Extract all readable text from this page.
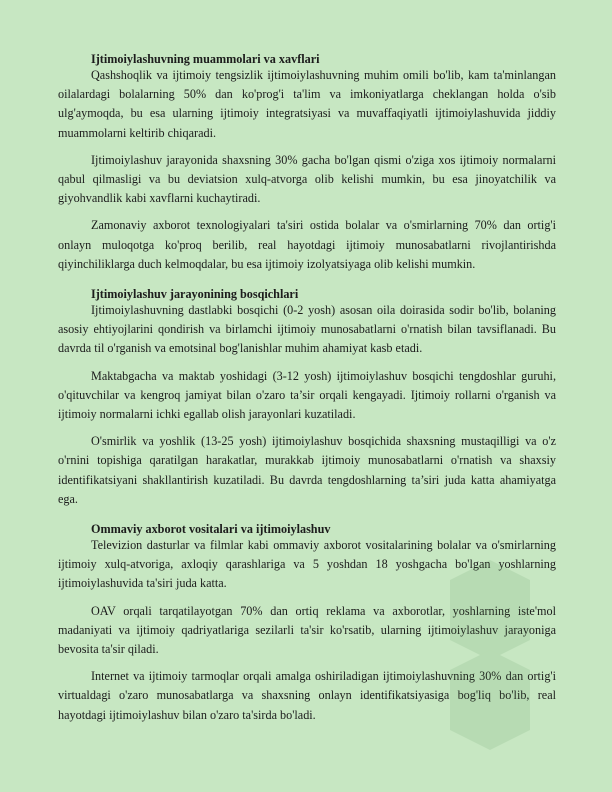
Ijtimoiylashuvning muammolari va xavflari

Qashshoqlik va ijtimoiy tengsizlik ijtimoiylashuvning muhim omili bo'lib, kam ta'minlangan oilalardagi bolalarning 50% dan ko'prog'i ta'lim va imkoniyatlarga cheklangan holda o'sib ulg'aymoqda, bu esa ularning ijtimoiy integratsiyasi va muvaffaqiyatli ijtimoiylashuvida jiddiy muammolarni keltirib chiqaradi.

Ijtimoiylashuv jarayonida shaxsning 30% gacha bo'lgan qismi o'ziga xos ijtimoiy normalarni qabul qilmasligi va bu deviatsion xulq-atvorga olib kelishi mumkin, bu esa jinoyatchilik va giyohvandlik kabi xavflarni kuchaytiradi.

Zamonaviy axborot texnologiyalari ta'siri ostida bolalar va o'smirlarning 70% dan ortig'i onlayn muloqotga ko'proq berilib, real hayotdagi ijtimoiy munosabatlarni rivojlantirishda qiyinchiliklarga duch kelmoqdalar, bu esa ijtimoiy izolyatsiyaga olib kelishi mumkin.

Ijtimoiylashuv jarayonining bosqichlari

Ijtimoiylashuvning dastlabki bosqichi (0-2 yosh) asosan oila doirasida sodir bo'lib, bolaning asosiy ehtiyojlarini qondirish va birlamchi ijtimoiy munosabatlarni o'rnatish bilan tavsiflanadi. Bu davrda til o'rganish va emotsinal bog'lanishlar muhim ahamiyat kasb etadi.

Maktabgacha va maktab yoshidagi (3-12 yosh) ijtimoiylashuv bosqichi tengdoshlar guruhi, o'qituvchilar va kengroq jamiyat bilan o'zaro ta’sir orqali kengayadi. Ijtimoiy rollarni o'rganish va ijtimoiy normalarni ichki egallab olish jarayonlari kuzatiladi.

O'smirlik va yoshlik (13-25 yosh) ijtimoiylashuv bosqichida shaxsning mustaqilligi va o'z o'rnini topishiga qaratilgan harakatlar, murakkab ijtimoiy munosabatlarni o'rnatish va shaxsiy identifikatsiyani shakllantirish kuzatiladi. Bu davrda tengdoshlarning ta’siri juda katta ahamiyatga ega.

Ommaviy axborot vositalari va ijtimoiylashuv

Televizion dasturlar va filmlar kabi ommaviy axborot vositalarining bolalar va o'smirlarning ijtimoiy xulq-atvoriga, axloqiy qarashlariga va 5 yoshdan 18 yoshgacha bo'lgan yoshlarning ijtimoiylashuvida ta'siri juda katta.

OAV orqali tarqatilayotgan 70% dan ortiq reklama va axborotlar, yoshlarning iste'mol madaniyati va ijtimoiy qadriyatlariga sezilarli ta'sir ko'rsatib, ularning ijtimoiylashuv jarayoniga bevosita ta'sir qiladi.

Internet va ijtimoiy tarmoqlar orqali amalga oshiriladigan ijtimoiylashuvning 30% dan ortig'i virtualdagi o'zaro munosabatlarga va shaxsning onlayn identifikatsiyasiga bog'liq bo'lib, real hayotdagi ijtimoiylashuv bilan o'zaro ta'sirda bo'ladi.
